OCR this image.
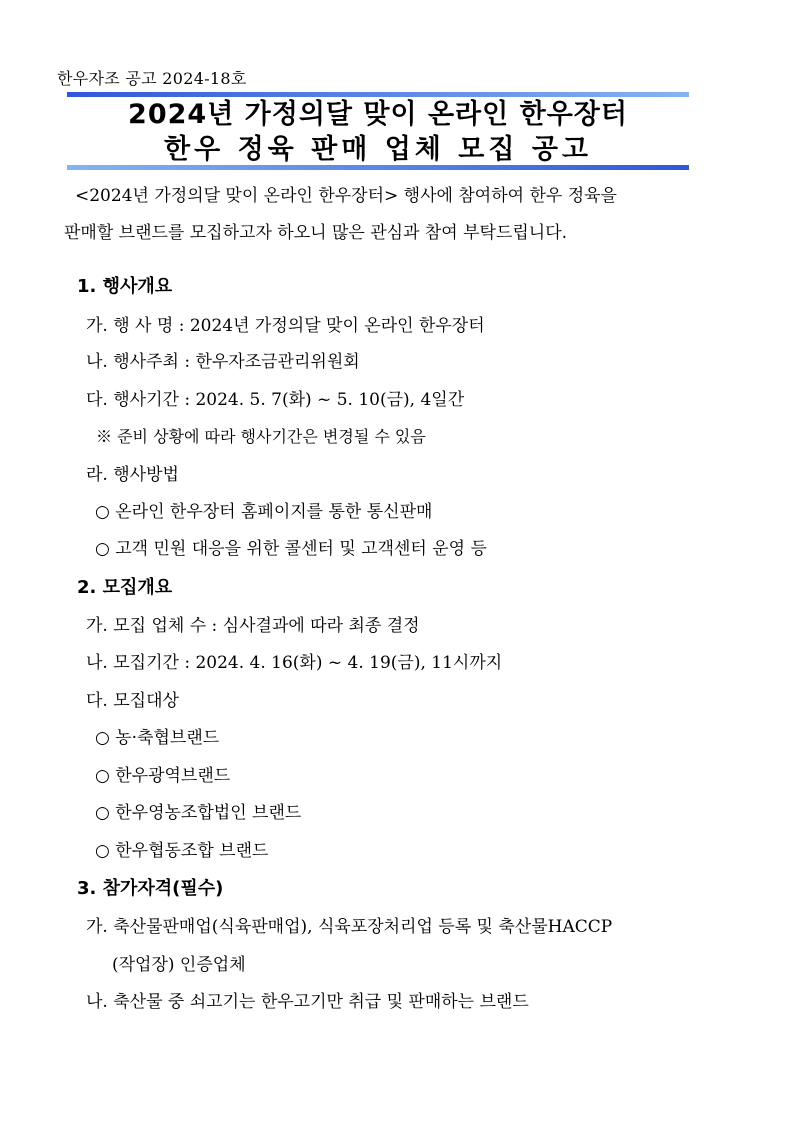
한우자조 공고 2024-18호
2024년 가정의달 맞이 온라인 한우장터
한우 정육 판매 업체 모집 공고
<2024년 가정의달 맞이 온라인 한우장터> 행사에 참여하여 한우 정육을
판매할 브랜드를 모집하고자 하오니 많은 관심과 참여 부탁드립니다.
1. 행사개요
가. 행 사 명 : 2024년 가정의달 맞이 온라인 한우장터
나. 행사주최 : 한우자조금관리위원회
다. 행사기간 : 2024. 5. 7(화) ~ 5. 10(금), 4일간
※ 준비 상황에 따라 행사기간은 변경될 수 있음
라. 행사방법
○ 온라인 한우장터 홈페이지를 통한 통신판매
○ 고객 민원 대응을 위한 콜센터 및 고객센터 운영 등
2. 모집개요
가. 모집 업체 수 : 심사결과에 따라 최종 결정
나. 모집기간 : 2024. 4. 16(화) ~ 4. 19(금), 11시까지
다. 모집대상
○ 농·축협브랜드
○ 한우광역브랜드
○ 한우영농조합법인 브랜드
○ 한우협동조합 브랜드
3. 참가자격(필수)
가. 축산물판매업(식육판매업), 식육포장처리업 등록 및 축산물HACCP
(작업장) 인증업체
나. 축산물 중 쇠고기는 한우고기만 취급 및 판매하는 브랜드
